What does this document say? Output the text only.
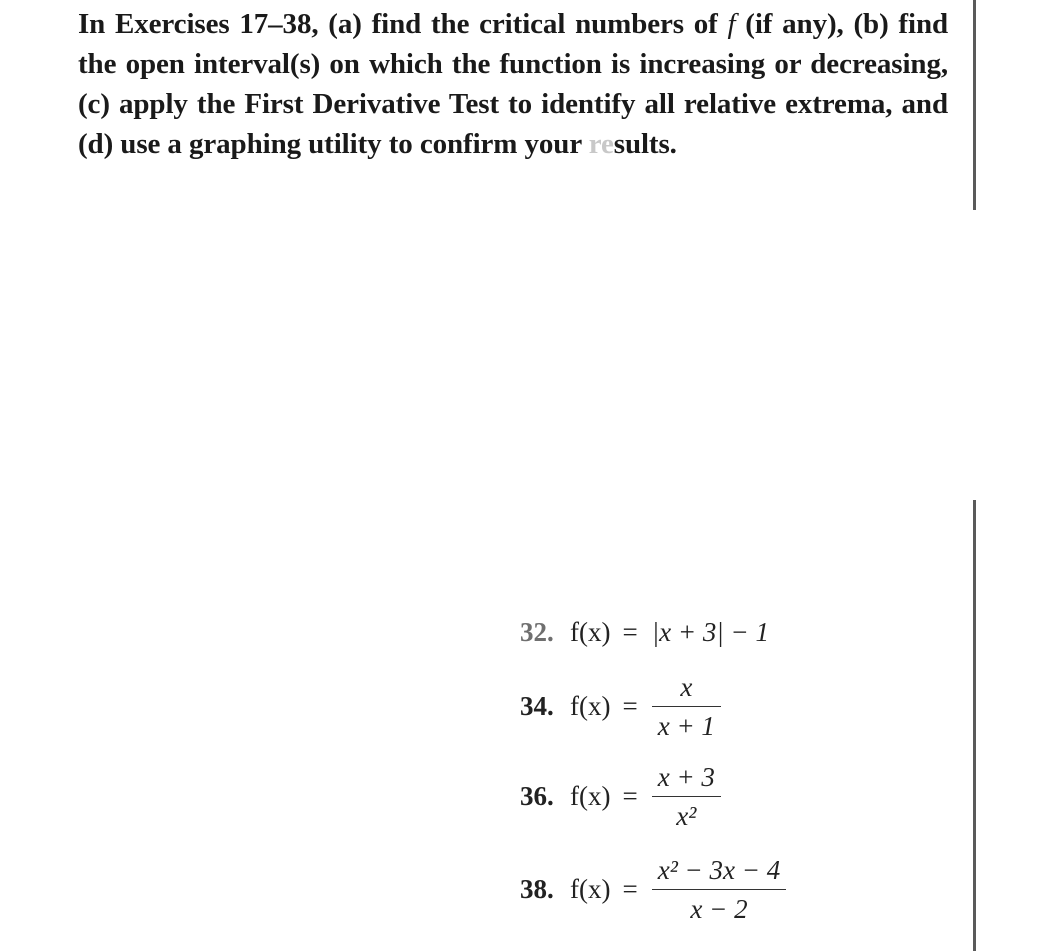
In Exercises 17–38, (a) find the critical numbers of f (if any), (b) find the open interval(s) on which the function is increasing or decreasing, (c) apply the First Derivative Test to identify all relative extrema, and (d) use a graphing utility to confirm your results.
32. f(x) = |x + 3| − 1
34. $f(x) = \frac{x}{x + 1}$
36. $f(x) = \frac{x + 3}{\text{x²}}$
38. $f(x) = \frac{\text{x² − 3x − 4}}{x - 2}$
